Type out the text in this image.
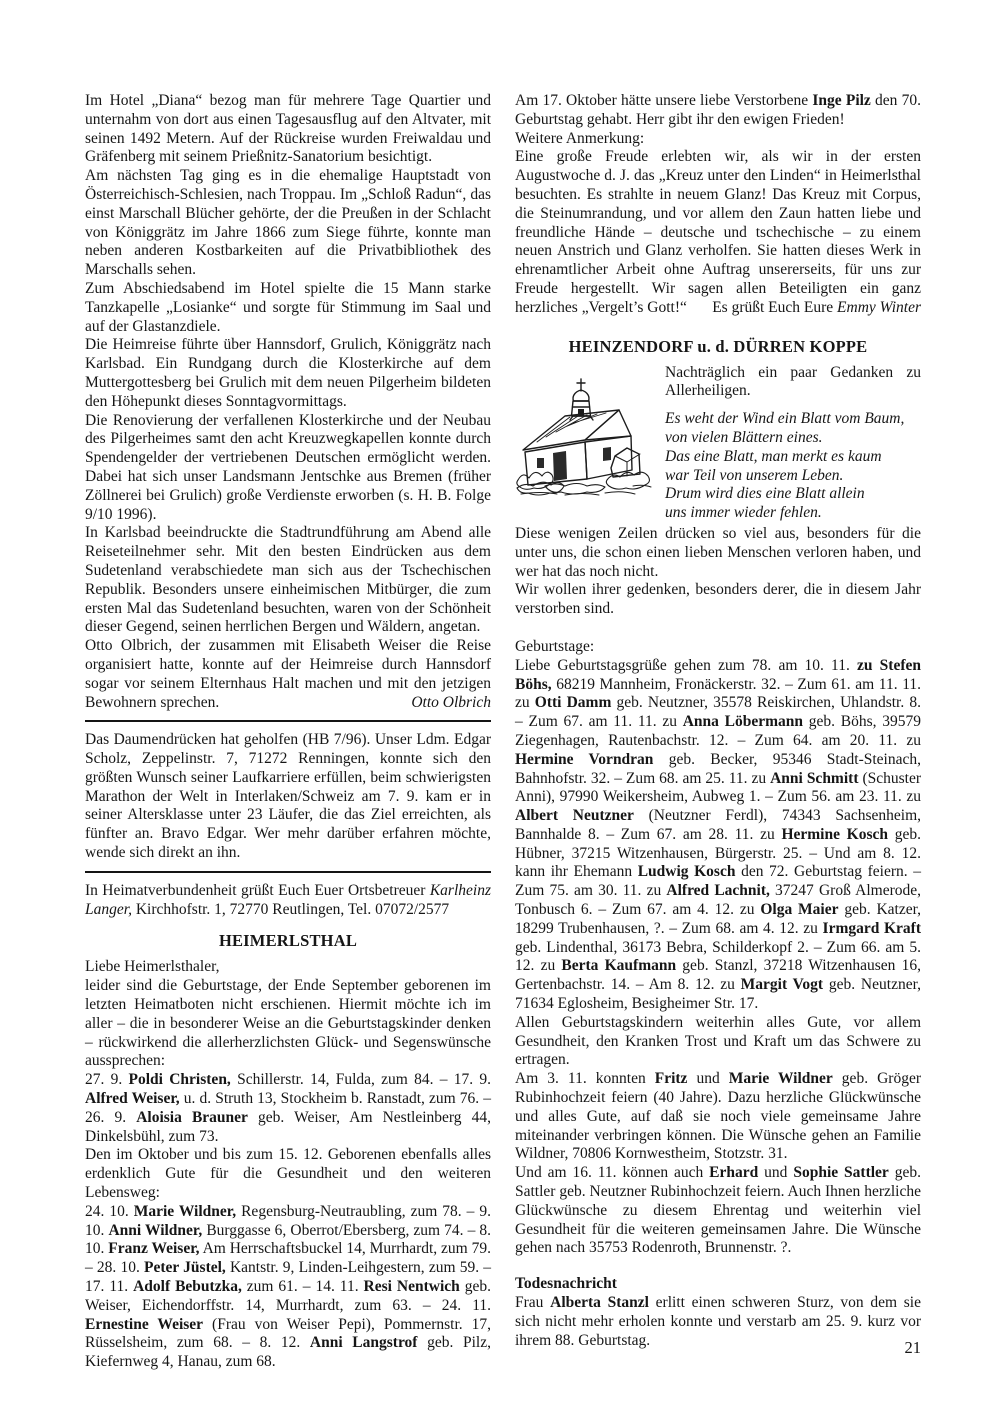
Im Hotel „Diana“ bezog man für mehrere Tage Quartier und unternahm von dort aus einen Tagesausflug auf den Altvater, mit seinen 1492 Metern. Auf der Rückreise wurden Freiwaldau und Gräfenberg mit seinem Prießnitz-Sanatorium besichtigt.

Am nächsten Tag ging es in die ehemalige Hauptstadt von Österreichisch-Schlesien, nach Troppau. Im „Schloß Radun“, das einst Marschall Blücher gehörte, der die Preußen in der Schlacht von Königgrätz im Jahre 1866 zum Siege führte, konnte man neben anderen Kostbarkeiten auf die Privatbibliothek des Marschalls sehen.

Zum Abschiedsabend im Hotel spielte die 15 Mann starke Tanzkapelle „Losianke“ und sorgte für Stimmung im Saal und auf der Glastanzdiele.

Die Heimreise führte über Hannsdorf, Grulich, Königgrätz nach Karlsbad. Ein Rundgang durch die Klosterkirche auf dem Muttergottesberg bei Grulich mit dem neuen Pilgerheim bildeten den Höhepunkt dieses Sonntagvormittags.

Die Renovierung der verfallenen Klosterkirche und der Neubau des Pilgerheimes samt den acht Kreuzwegkapellen konnte durch Spendengelder der vertriebenen Deutschen ermöglicht werden. Dabei hat sich unser Landsmann Jentschke aus Bremen (früher Zöllnerei bei Grulich) große Verdienste erworben (s. H. B. Folge 9/10 1996).

In Karlsbad beeindruckte die Stadtrundführung am Abend alle Reiseteilnehmer sehr. Mit den besten Eindrücken aus dem Sudetenland verabschiedete man sich aus der Tschechischen Republik. Besonders unsere einheimischen Mitbürger, die zum ersten Mal das Sudetenland besuchten, waren von der Schönheit dieser Gegend, seinen herrlichen Bergen und Wäldern, angetan.

Otto Olbrich, der zusammen mit Elisabeth Weiser die Reise organisiert hatte, konnte auf der Heimreise durch Hannsdorf sogar vor seinem Elternhaus Halt machen und mit den jetzigen Bewohnern sprechen.	Otto Olbrich

Das Daumendrücken hat geholfen (HB 7/96). Unser Ldm. Edgar Scholz, Zeppelinstr. 7, 71272 Renningen, konnte sich den größten Wunsch seiner Laufkarriere erfüllen, beim schwierigsten Marathon der Welt in Interlaken/Schweiz am 7. 9. kam er in seiner Altersklasse unter 23 Läufer, die das Ziel erreichten, als fünfter an. Bravo Edgar. Wer mehr darüber erfahren möchte, wende sich direkt an ihn.

In Heimatverbundenheit grüßt Euch Euer Ortsbetreuer Karlheinz Langer, Kirchhofstr. 1, 72770 Reutlingen, Tel. 07072/2577

HEIMERLSTHAL

Liebe Heimerlsthaler,

leider sind die Geburtstage, der Ende September geborenen im letzten Heimatboten nicht erschienen. Hiermit möchte ich im aller – die in besonderer Weise an die Geburtstagskinder denken – rückwirkend die allerherzlichsten Glück- und Segenswünsche aussprechen:

27. 9. Poldi Christen, Schillerstr. 14, Fulda, zum 84. – 17. 9. Alfred Weiser, u. d. Struth 13, Stockheim b. Ranstadt, zum 76. – 26. 9. Aloisia Brauner geb. Weiser, Am Nestleinberg 44, Dinkelsbühl, zum 73.

Den im Oktober und bis zum 15. 12. Geborenen ebenfalls alles erdenklich Gute für die Gesundheit und den weiteren Lebensweg:

24. 10. Marie Wildner, Regensburg-Neutraubling, zum 78. – 9. 10. Anni Wildner, Burggasse 6, Oberrot/Ebersberg, zum 74. – 8. 10. Franz Weiser, Am Herrschaftsbuckel 14, Murrhardt, zum 79. – 28. 10. Peter Jüstel, Kantstr. 9, Linden-Leihgestern, zum 59. – 17. 11. Adolf Bebutzka, zum 61. – 14. 11. Resi Nentwich geb. Weiser, Eichendorffstr. 14, Murrhardt, zum 63. – 24. 11. Ernestine Weiser (Frau von Weiser Pepi), Pommernstr. 17, Rüsselsheim, zum 68. – 8. 12. Anni Langstrof geb. Pilz, Kiefernweg 4, Hanau, zum 68.

Am 17. Oktober hätte unsere liebe Verstorbene Inge Pilz den 70. Geburtstag gehabt. Herr gibt ihr den ewigen Frieden!

Weitere Anmerkung:

Eine große Freude erlebten wir, als wir in der ersten Augustwoche d. J. das „Kreuz unter den Linden“ in Heimerlsthal besuchten. Es strahlte in neuem Glanz! Das Kreuz mit Corpus, die Steinumrandung, und vor allem den Zaun hatten liebe und freundliche Hände – deutsche und tschechische – zu einem neuen Anstrich und Glanz verholfen. Sie hatten dieses Werk in ehrenamtlicher Arbeit ohne Auftrag unsererseits, für uns zur Freude hergestellt. Wir sagen allen Beteiligten ein ganz herzliches „Vergelt’s Gott!“ Es grüßt Euch Eure Emmy Winter

HEINZENDORF u. d. DÜRREN KOPPE

Nachträglich ein paar Gedanken zu Allerheiligen.

Es weht der Wind ein Blatt vom Baum,
von vielen Blättern eines.
Das eine Blatt, man merkt es kaum
war Teil von unserem Leben.
Drum wird dies eine Blatt allein
uns immer wieder fehlen.

Diese wenigen Zeilen drücken so viel aus, besonders für die unter uns, die schon einen lieben Menschen verloren haben, und wer hat das noch nicht.

Wir wollen ihrer gedenken, besonders derer, die in diesem Jahr verstorben sind.

Geburtstage:

Liebe Geburtstagsgrüße gehen zum 78. am 10. 11. zu Stefen Böhs, 68219 Mannheim, Fronäckerstr. 32. – Zum 61. am 11. 11. zu Otti Damm geb. Neutzner, 35578 Reiskirchen, Uhlandstr. 8. – Zum 67. am 11. 11. zu Anna Löbermann geb. Böhs, 39579 Ziegenhagen, Rautenbachstr. 12. – Zum 64. am 20. 11. zu Hermine Vorndran geb. Becker, 95346 Stadt-Steinach, Bahnhofstr. 32. – Zum 68. am 25. 11. zu Anni Schmitt (Schuster Anni), 97990 Weikersheim, Aubweg 1. – Zum 56. am 23. 11. zu Albert Neutzner (Neutzner Ferdl), 74343 Sachsenheim, Bannhalde 8. – Zum 67. am 28. 11. zu Hermine Kosch geb. Hübner, 37215 Witzenhausen, Bürgerstr. 25. – Und am 8. 12. kann ihr Ehemann Ludwig Kosch den 72. Geburtstag feiern. – Zum 75. am 30. 11. zu Alfred Lachnit, 37247 Groß Almerode, Tonbusch 6. – Zum 67. am 4. 12. zu Olga Maier geb. Katzer, 18299 Trubenhausen, ?. – Zum 68. am 4. 12. zu Irmgard Kraft geb. Lindenthal, 36173 Bebra, Schilderkopf 2. – Zum 66. am 5. 12. zu Berta Kaufmann geb. Stanzl, 37218 Witzenhausen 16, Gertenbachstr. 14. – Am 8. 12. zu Margit Vogt geb. Neutzner, 71634 Eglosheim, Besigheimer Str. 17.

Allen Geburtstagskindern weiterhin alles Gute, vor allem Gesundheit, den Kranken Trost und Kraft um das Schwere zu ertragen.

Am 3. 11. konnten Fritz und Marie Wildner geb. Gröger Rubinhochzeit feiern (40 Jahre). Dazu herzliche Glückwünsche und alles Gute, auf daß sie noch viele gemeinsame Jahre miteinander verbringen können. Die Wünsche gehen an Familie Wildner, 70806 Kornwestheim, Stotzstr. 31.

Und am 16. 11. können auch Erhard und Sophie Sattler geb. Sattler geb. Neutzner Rubinhochzeit feiern. Auch Ihnen herzliche Glückwünsche zu diesem Ehrentag und weiterhin viel Gesundheit für die weiteren gemeinsamen Jahre. Die Wünsche gehen nach 35753 Rodenroth, Brunnenstr. ?.

Todesnachricht

Frau Alberta Stanzl erlitt einen schweren Sturz, von dem sie sich nicht mehr erholen konnte und verstarb am 25. 9. kurz vor ihrem 88. Geburtstag.	21
